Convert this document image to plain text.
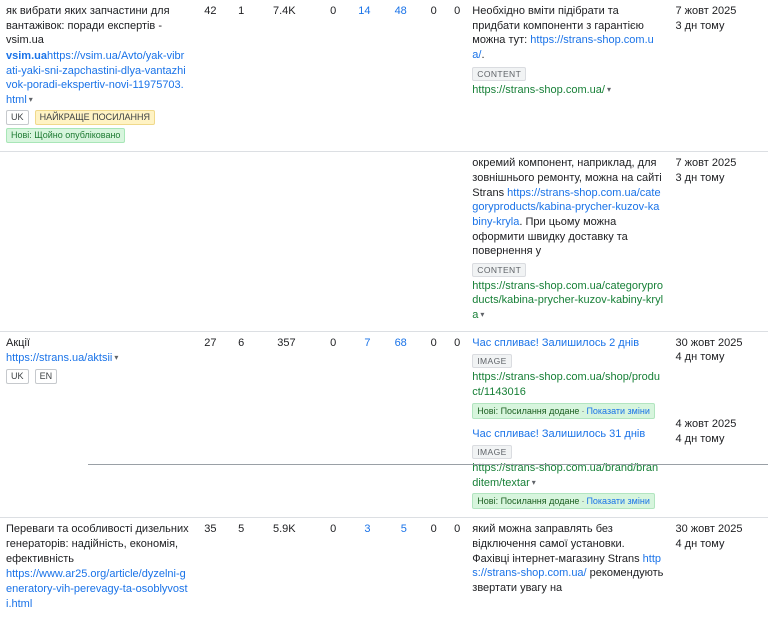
як вибрати яких запчастини для вантажівок: поради експертів - vsim.ua
vsim.uahttps://vsim.ua/Avto/yak-vibrati-yaki-sni-zapchastini-dlya-vantazhivok-poradi-ekspertiv-novi-11975703.html ▾
UK НАЙКРАЩЕ ПОСИЛАННЯ
Нові: Щойно опубліковано
	42	1	7.4K	0	14	48	0	0	Необхідно вміти підібрати та придбати компоненти з гарантією можна тут: https://strans-shop.com.ua/.
CONTENT
https://strans-shop.com.ua/ ▾	7 жовт 2025
3 дн тому

окремий компонент, наприклад, для зовнішнього ремонту, можна на сайті Strans https://strans-shop.com.ua/categoryproducts/kabina-prycher-kuzov-kabiny-kryla. При цьому можна оформити швидку доставку та повернення у
CONTENT
https://strans-shop.com.ua/categoryproducts/kabina-prycher-kuzov-kabiny-kryla ▾	7 жовт 2025
3 дн тому

Акції
https://strans.ua/aktsii ▾
UK EN
	27	6	357	0	7	68	0	0	Час спливає! Залишилось 2 днів
IMAGE
https://strans-shop.com.ua/shop/product/1143016
Нові: Посилання додане · Показати зміни
Час спливає! Залишилось 31 днів
IMAGE
https://strans-shop.com.ua/brand/branditem/textar ▾
Нові: Посилання додане · Показати зміни
	30 жовт 2025
4 дн тому
4 жовт 2025
4 дн тому

Переваги та особливості дизельних генераторів: надійність, економія, ефективність
https://www.ar25.org/article/dyzelni-generatory-vih-perevagy-ta-osoblyvosti.html	35	5	5.9K	0	3	5	0	0	який можна заправлять без відключення самої установки. Фахівці інтернет-магазину Strans https://strans-shop.com.ua/ рекомендують звертати увагу на	30 жовт 2025
4 дн тому
